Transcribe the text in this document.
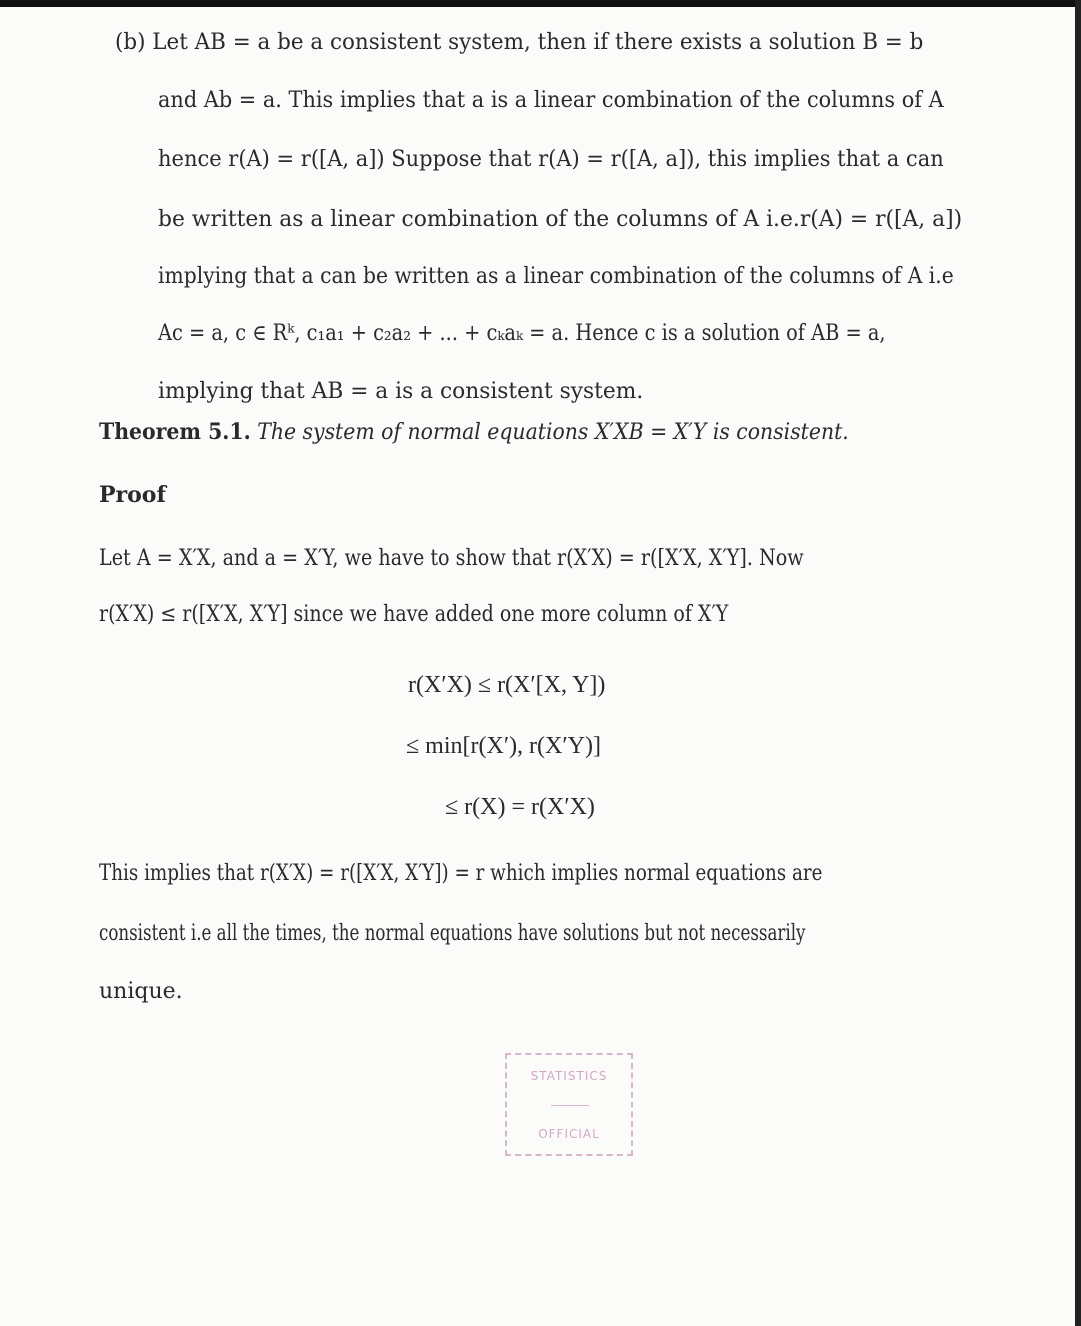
(b) Let AB = a be a consistent system, then if there exists a solution B = b
and Ab = a. This implies that a is a linear combination of the columns of A
hence r(A) = r([A, a]) Suppose that r(A) = r([A, a]), this implies that a can
be written as a linear combination of the columns of A i.e.r(A) = r([A, a])
implying that a can be written as a linear combination of the columns of A i.e
Ac = a, c ∈ Rᵏ, c₁a₁ + c₂a₂ + ... + cₖaₖ = a. Hence c is a solution of AB = a,
implying that AB = a is a consistent system.
Theorem 5.1. The system of normal equations X′XB = X′Y is consistent.
Proof
Let A = X′X, and a = X′Y, we have to show that r(X′X) = r([X′X, X′Y]. Now
r(X′X) ≤ r([X′X, X′Y] since we have added one more column of X′Y
r(X′X) ≤ r(X′[X, Y])
≤ min[r(X′), r(X′Y)]
≤ r(X) = r(X′X)
This implies that r(X′X) = r([X′X, X′Y]) = r which implies normal equations are
consistent i.e all the times, the normal equations have solutions but not necessarily
unique.
STATISTICS
OFFICIAL
